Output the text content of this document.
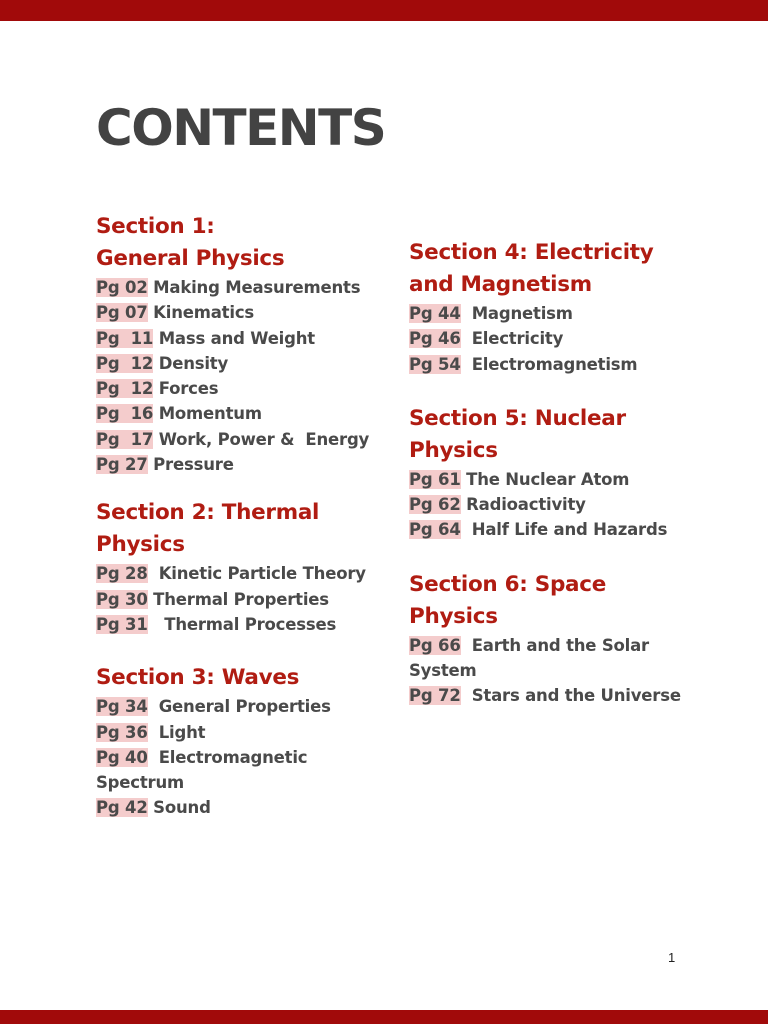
CONTENTS
Section 1:
General Physics

Pg 02 Making Measurements

Pg 07 Kinematics

Pg  11 Mass and Weight

Pg  12 Density

Pg  12 Forces

Pg  16 Momentum

Pg  17 Work, Power &  Energy

Pg 27 Pressure

Section 2: Thermal
Physics

Pg 28  Kinetic Particle Theory

Pg 30 Thermal Properties

Pg 31   Thermal Processes

Section 3: Waves

Pg 34  General Properties

Pg 36  Light

Pg 40  Electromagnetic
Spectrum

Pg 42 Sound

Section 4: Electricity
and Magnetism

Pg 44  Magnetism

Pg 46  Electricity

Pg 54  Electromagnetism

Section 5: Nuclear
Physics

Pg 61 The Nuclear Atom

Pg 62 Radioactivity

Pg 64  Half Life and Hazards

Section 6: Space
Physics

Pg 66  Earth and the Solar
System

Pg 72  Stars and the Universe

1
